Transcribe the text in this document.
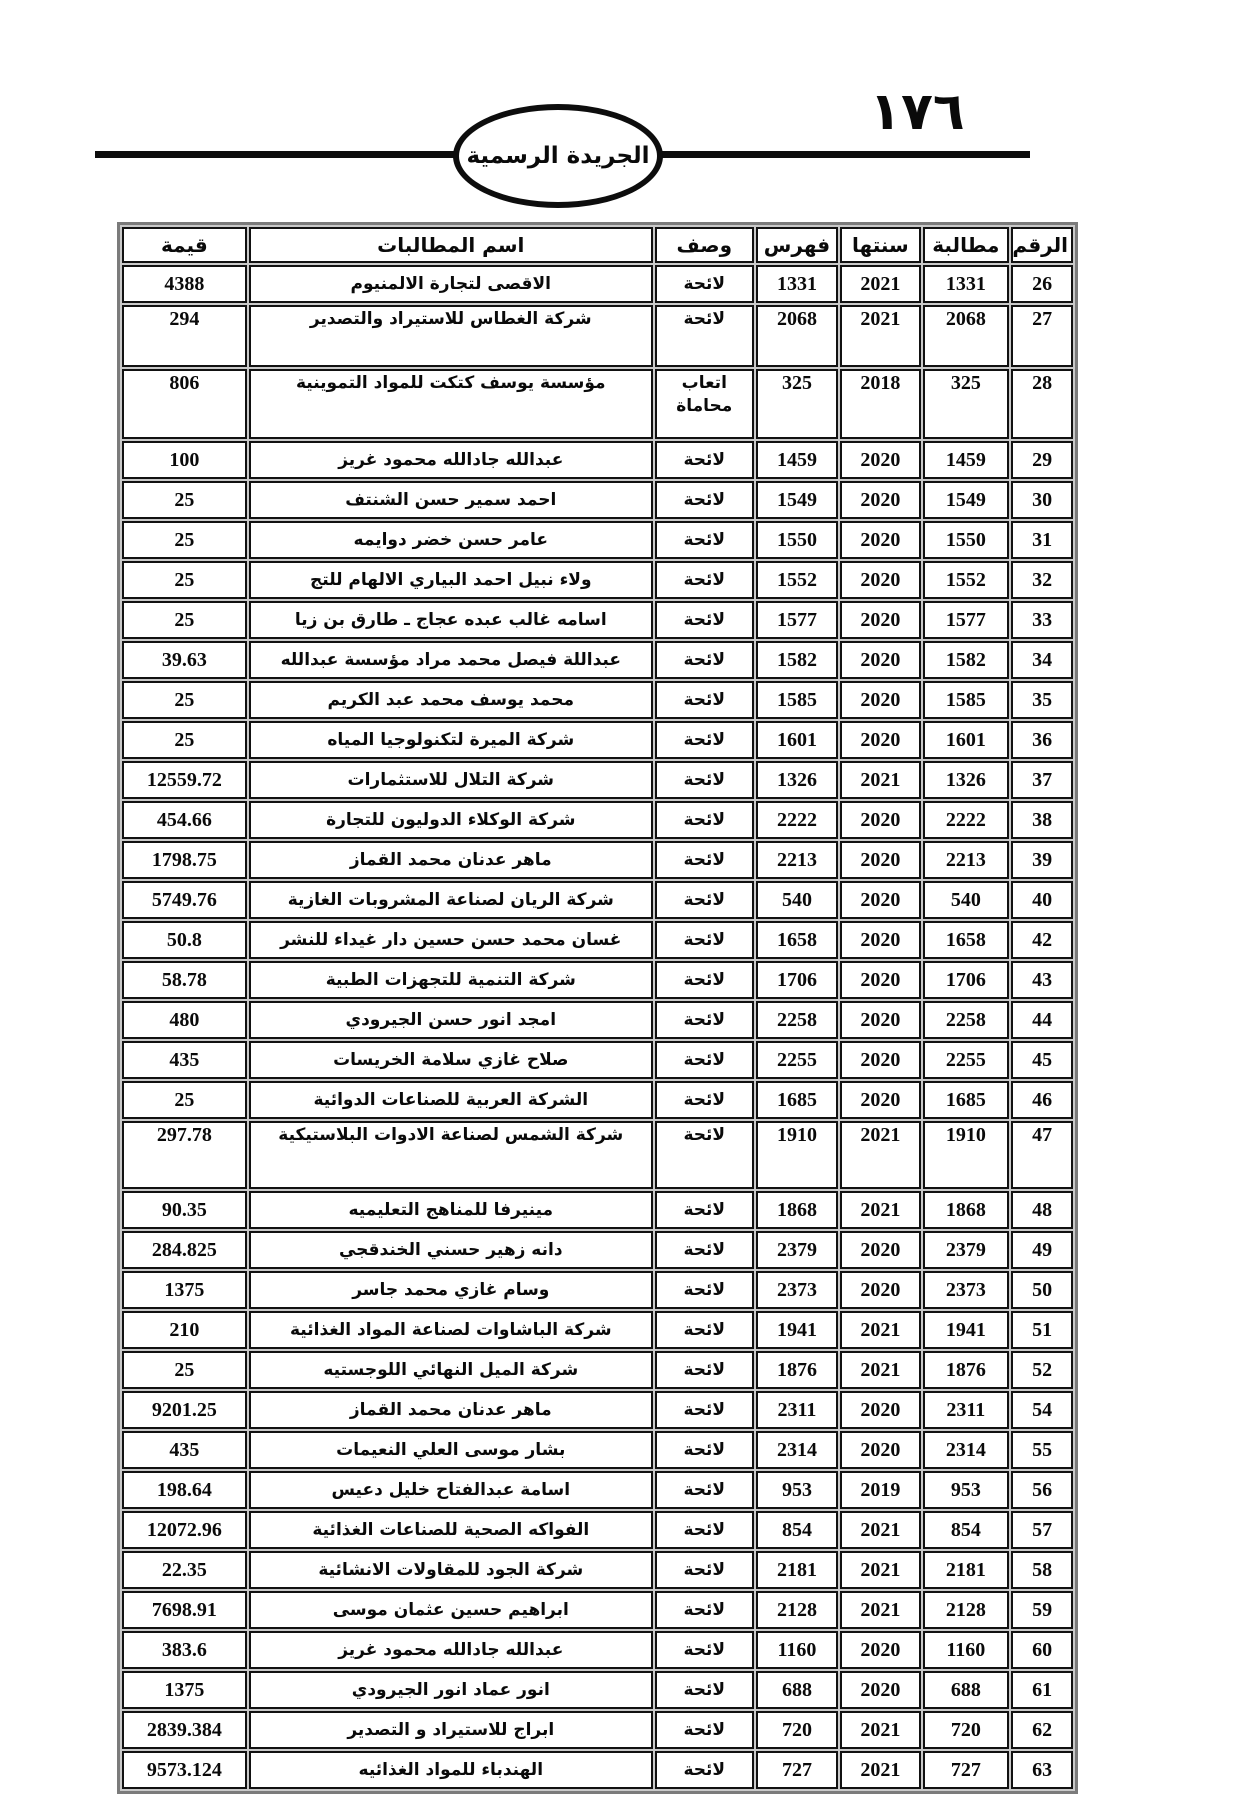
١٧٦
الجريدة الرسمية
الرقم	مطالبة	سنتها	فهرس	وصف	اسم المطالبات	قيمة
26	1331	2021	1331	لائحة	الاقصى لتجارة الالمنيوم	4388
27	2068	2021	2068	لائحة	شركة الغطاس للاستيراد والتصدير	294
28	325	2018	325	اتعاب محاماة	مؤسسة يوسف كتكت للمواد التموينية	806
29	1459	2020	1459	لائحة	عبدالله جادالله محمود غريز	100
30	1549	2020	1549	لائحة	احمد سمير حسن الشنتف	25
31	1550	2020	1550	لائحة	عامر حسن خضر دوايمه	25
32	1552	2020	1552	لائحة	ولاء نبيل احمد البياري الالهام للتج	25
33	1577	2020	1577	لائحة	اسامه غالب عبده عجاج ـ طارق بن زيا	25
34	1582	2020	1582	لائحة	عبداللة فيصل محمد مراد مؤسسة عبدالله	39.63
35	1585	2020	1585	لائحة	محمد يوسف محمد عبد الكريم	25
36	1601	2020	1601	لائحة	شركة الميرة لتكنولوجيا المياه	25
37	1326	2021	1326	لائحة	شركة التلال للاستثمارات	12559.72
38	2222	2020	2222	لائحة	شركة الوكلاء الدوليون للتجارة	454.66
39	2213	2020	2213	لائحة	ماهر عدنان محمد القماز	1798.75
40	540	2020	540	لائحة	شركة الريان لصناعة المشروبات الغازية	5749.76
42	1658	2020	1658	لائحة	غسان محمد حسن حسين دار غيداء للنشر	50.8
43	1706	2020	1706	لائحة	شركة التنمية للتجهزات الطبية	58.78
44	2258	2020	2258	لائحة	امجد انور حسن الجيرودي	480
45	2255	2020	2255	لائحة	صلاح غازي سلامة الخريسات	435
46	1685	2020	1685	لائحة	الشركة العربية للصناعات الدوائية	25
47	1910	2021	1910	لائحة	شركة الشمس لصناعة الادوات البلاستيكية	297.78
48	1868	2021	1868	لائحة	مينيرفا للمناهج التعليميه	90.35
49	2379	2020	2379	لائحة	دانه زهير حسني الخندقجي	284.825
50	2373	2020	2373	لائحة	وسام غازي محمد جاسر	1375
51	1941	2021	1941	لائحة	شركة الباشاوات لصناعة المواد الغذائية	210
52	1876	2021	1876	لائحة	شركة الميل النهائي اللوجستيه	25
54	2311	2020	2311	لائحة	ماهر عدنان محمد القماز	9201.25
55	2314	2020	2314	لائحة	بشار موسى العلي النعيمات	435
56	953	2019	953	لائحة	اسامة عبدالفتاح خليل دعيس	198.64
57	854	2021	854	لائحة	الفواكه الصحية للصناعات الغذائية	12072.96
58	2181	2021	2181	لائحة	شركة الجود للمقاولات الانشائية	22.35
59	2128	2021	2128	لائحة	ابراهيم حسين عثمان موسى	7698.91
60	1160	2020	1160	لائحة	عبدالله جادالله محمود غريز	383.6
61	688	2020	688	لائحة	انور عماد انور الجيرودي	1375
62	720	2021	720	لائحة	ابراج للاستيراد و التصدير	2839.384
63	727	2021	727	لائحة	الهندباء للمواد الغذائيه	9573.124
